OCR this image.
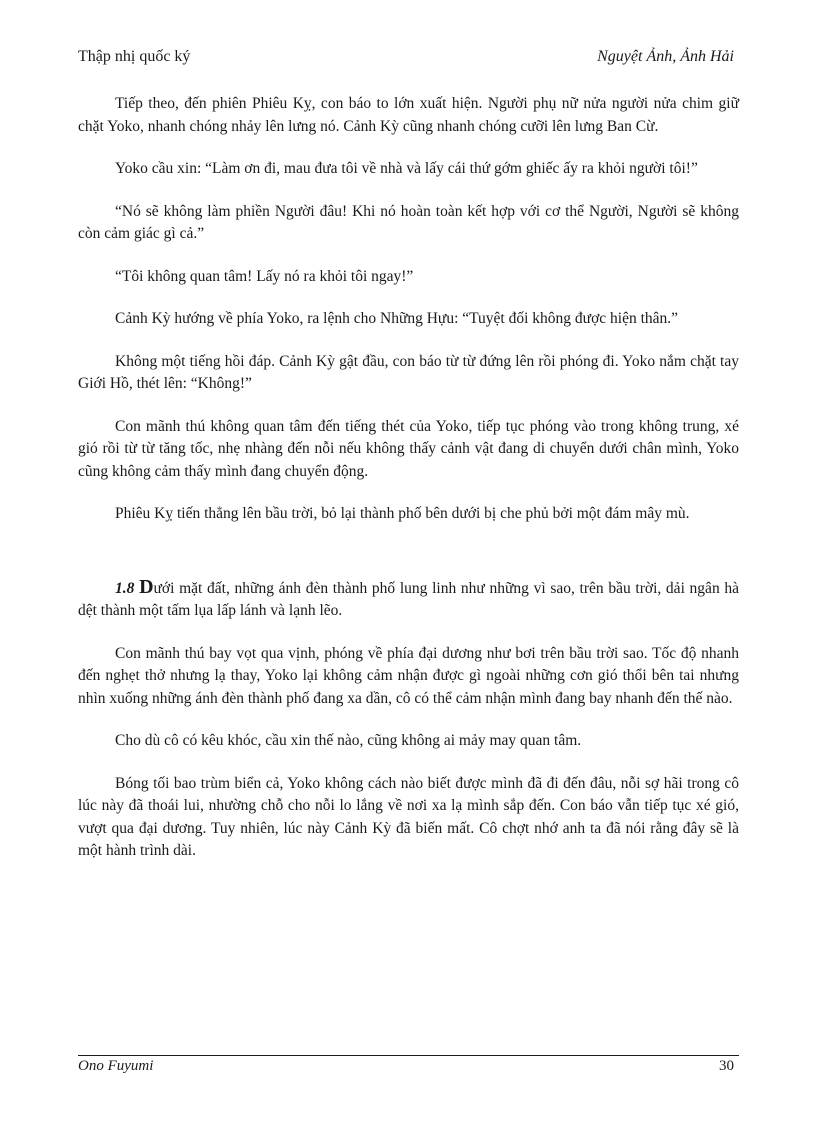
Thập nhị quốc ký	Nguyệt Ảnh, Ảnh Hải

Tiếp theo, đến phiên Phiêu Kỵ, con báo to lớn xuất hiện. Người phụ nữ nửa người nửa chim giữ chặt Yoko, nhanh chóng nhảy lên lưng nó. Cảnh Kỳ cũng nhanh chóng cưỡi lên lưng Ban Cừ.

Yoko cầu xin: “Làm ơn đi, mau đưa tôi về nhà và lấy cái thứ gớm ghiếc ấy ra khỏi người tôi!”

“Nó sẽ không làm phiền Người đâu! Khi nó hoàn toàn kết hợp với cơ thể Người, Người sẽ không còn cảm giác gì cả.”

“Tôi không quan tâm! Lấy nó ra khỏi tôi ngay!”

Cảnh Kỳ hướng về phía Yoko, ra lệnh cho Những Hựu: “Tuyệt đối không được hiện thân.”

Không một tiếng hồi đáp. Cảnh Kỳ gật đầu, con báo từ từ đứng lên rồi phóng đi. Yoko nắm chặt tay Giới Hồ, thét lên: “Không!”

Con mãnh thú không quan tâm đến tiếng thét của Yoko, tiếp tục phóng vào trong không trung, xé gió rồi từ từ tăng tốc, nhẹ nhàng đến nỗi nếu không thấy cảnh vật đang di chuyển dưới chân mình, Yoko cũng không cảm thấy mình đang chuyển động.

Phiêu Kỵ tiến thẳng lên bầu trời, bỏ lại thành phố bên dưới bị che phủ bởi một đám mây mù.

1.8 Dưới mặt đất, những ánh đèn thành phố lung linh như những vì sao, trên bầu trời, dải ngân hà dệt thành một tấm lụa lấp lánh và lạnh lẽo.

Con mãnh thú bay vọt qua vịnh, phóng về phía đại dương như bơi trên bầu trời sao. Tốc độ nhanh đến nghẹt thở nhưng lạ thay, Yoko lại không cảm nhận được gì ngoài những cơn gió thổi bên tai nhưng nhìn xuống những ánh đèn thành phố đang xa dần, cô có thể cảm nhận mình đang bay nhanh đến thế nào.

Cho dù cô có kêu khóc, cầu xin thế nào, cũng không ai mảy may quan tâm.

Bóng tối bao trùm biển cả, Yoko không cách nào biết được mình đã đi đến đâu, nỗi sợ hãi trong cô lúc này đã thoái lui, nhường chỗ cho nỗi lo lắng về nơi xa lạ mình sắp đến. Con báo vẫn tiếp tục xé gió, vượt qua đại dương. Tuy nhiên, lúc này Cảnh Kỳ đã biến mất. Cô chợt nhớ anh ta đã nói rằng đây sẽ là một hành trình dài.

Ono Fuyumi	30
